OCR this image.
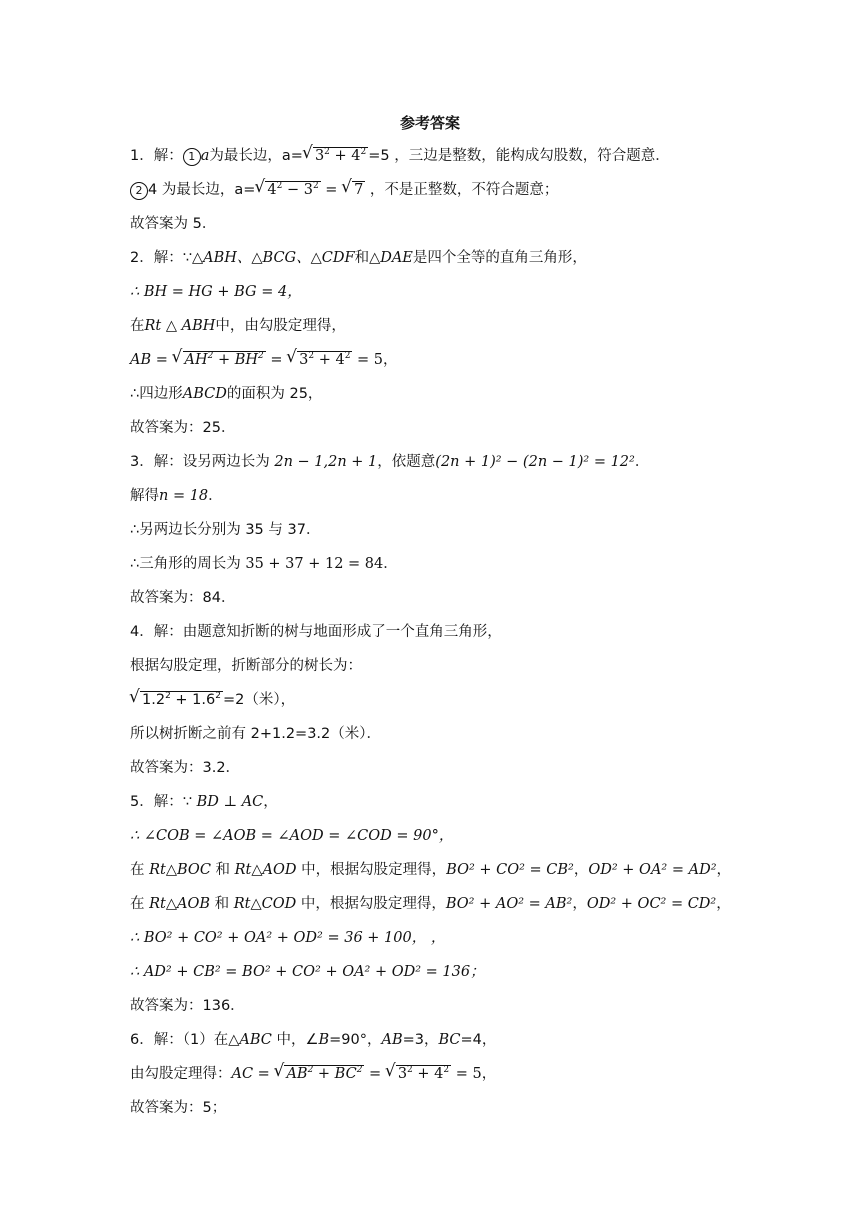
参考答案
1．解： 1 a为最长边，a= √ $3^2 + 4^2 =5$ ，三边是整数，能构成勾股数，符合题意．
2 4 为最长边，a= √ $4^2 - 3^2$ = √ 7 ，不是正整数，不符合题意；
故答案为 5．
2．解：∵△ABH、△BCG、△CDF和△DAE是四个全等的直角三角形，
∴ BH = HG + BG = 4，
在Rt △ ABH中，由勾股定理得，
AB = √ $AH^2 + BH^2$ = √ $3^2 + 4^2 = 5$，
∴四边形ABCD的面积为 25，
故答案为：25．
3．解：设另两边长为 2n − 1,2n + 1，依题意(2n + 1)² − (2n − 1)² = 12²．
解得n = 18．
∴另两边长分别为 35 与 37．
∴三角形的周长为 35 + 37 + 12 = 84．
故答案为：84．
4．解：由题意知折断的树与地面形成了一个直角三角形，
根据勾股定理，折断部分的树长为：
√ $1.2^2 + 1.6^2 =2$（米），
所以树折断之前有 2+1.2=3.2（米）．
故答案为：3.2．
5．解：∵ BD ⊥ AC，
∴ ∠COB = ∠AOB = ∠AOD = ∠COD = 90°，
在 Rt△BOC 和 Rt△AOD 中，根据勾股定理得，BO² + CO² = CB²，OD² + OA² = AD²，
在 Rt△AOB 和 Rt△COD 中，根据勾股定理得，BO² + AO² = AB²，OD² + OC² = CD²，
∴ BO² + CO² + OA² + OD² = 36 + 100， ，
∴ AD² + CB² = BO² + CO² + OA² + OD² = 136；
故答案为：136．
6．解：（1）在△ABC 中，∠B=90°，AB=3，BC=4，
由勾股定理得：AC = √ $AB^2 + BC^2$ = √ $3^2 + 4^2 = 5$，
故答案为：5；
